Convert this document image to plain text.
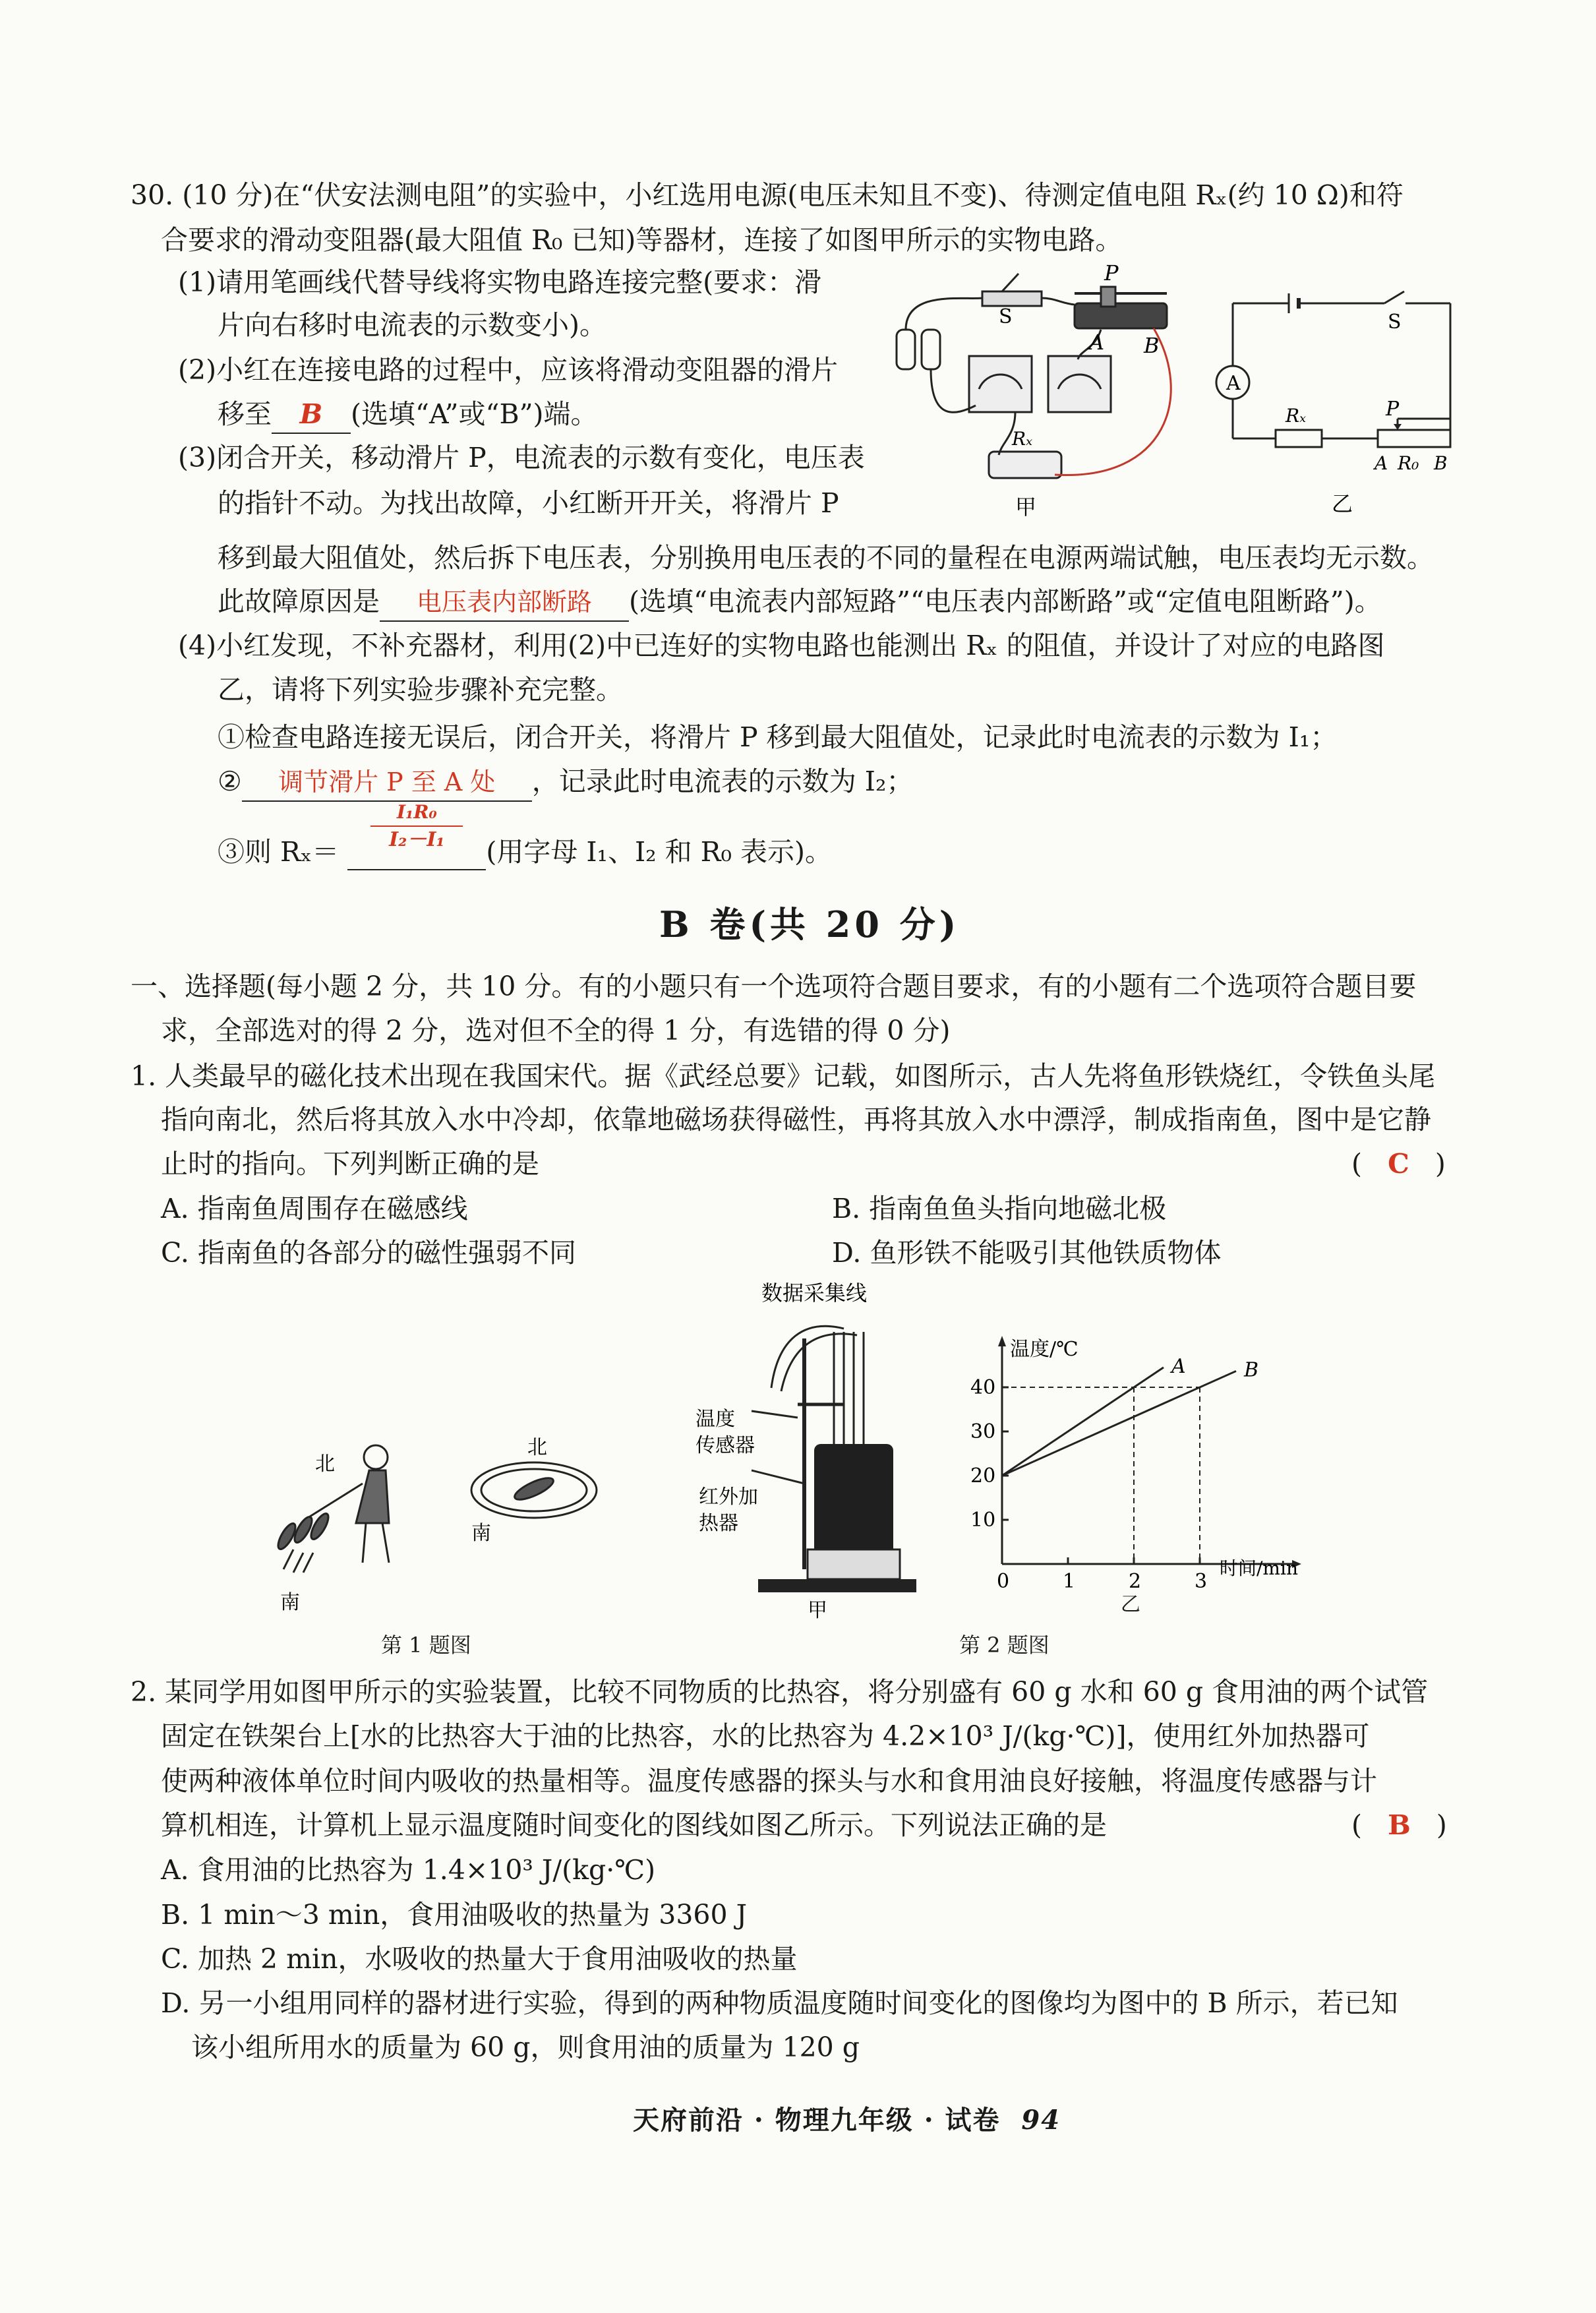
30. (10 分)在“伏安法测电阻”的实验中，小红选用电源(电压未知且不变)、待测定值电阻 Rₓ(约 10 Ω)和符
合要求的滑动变阻器(最大阻值 R₀ 已知)等器材，连接了如图甲所示的实物电路。
(1)请用笔画线代替导线将实物电路连接完整(要求：滑
片向右移时电流表的示数变小)。
(2)小红在连接电路的过程中，应该将滑动变阻器的滑片
移至 B (选填“A”或“B”)端。
(3)闭合开关，移动滑片 P，电流表的示数有变化，电压表
的指针不动。为找出故障，小红断开开关，将滑片 P
移到最大阻值处，然后拆下电压表，分别换用电压表的不同的量程在电源两端试触，电压表均无示数。
此故障原因是 电压表内部断路 (选填“电流表内部短路”“电压表内部断路”或“定值电阻断路”)。
(4)小红发现，不补充器材，利用(2)中已连好的实物电路也能测出 Rₓ 的阻值，并设计了对应的电路图
乙，请将下列实验步骤补充完整。
①检查电路连接无误后，闭合开关，将滑片 P 移到最大阻值处，记录此时电流表的示数为 I₁；
② 调节滑片 P 至 A 处 ，记录此时电流表的示数为 I₂；
③则 $R_x= \frac{\text{I₁R₀}}{\text{I₂－I₁}}$ (用字母 I₁、I₂ 和 R₀ 表示)。
S
P
A B
Rₓ
甲
A
S
Rₓ	P
A R₀ B
乙
B 卷(共 20 分)
一、选择题(每小题 2 分，共 10 分。有的小题只有一个选项符合题目要求，有的小题有二个选项符合题目要
求，全部选对的得 2 分，选对但不全的得 1 分，有选错的得 0 分)
1. 人类最早的磁化技术出现在我国宋代。据《武经总要》记载，如图所示，古人先将鱼形铁烧红，令铁鱼头尾
指向南北，然后将其放入水中冷却，依靠地磁场获得磁性，再将其放入水中漂浮，制成指南鱼，图中是它静
止时的指向。下列判断正确的是	(   C   )
A. 指南鱼周围存在磁感线	B. 指南鱼鱼头指向地磁北极
C. 指南鱼的各部分的磁性强弱不同	D. 鱼形铁不能吸引其他铁质物体
北
南
北
南
第 1 题图
数据采集线
温度
传感器
红外加
热器
甲
温度/℃
时间/min
0	1	2	3
10
20
30
40
A	B
第 2 题图
乙
2. 某同学用如图甲所示的实验装置，比较不同物质的比热容，将分别盛有 60 g 水和 60 g 食用油的两个试管
固定在铁架台上[水的比热容大于油的比热容，水的比热容为 4.2×10³ J/(kg·℃)]，使用红外加热器可
使两种液体单位时间内吸收的热量相等。温度传感器的探头与水和食用油良好接触，将温度传感器与计
算机相连，计算机上显示温度随时间变化的图线如图乙所示。下列说法正确的是	(   B   )
A. 食用油的比热容为 1.4×10³ J/(kg·℃)
B. 1 min～3 min，食用油吸收的热量为 3360 J
C. 加热 2 min，水吸收的热量大于食用油吸收的热量
D. 另一小组用同样的器材进行实验，得到的两种物质温度随时间变化的图像均为图中的 B 所示，若已知
该小组所用水的质量为 60 g，则食用油的质量为 120 g
天府前沿 · 物理九年级 · 试卷 94
